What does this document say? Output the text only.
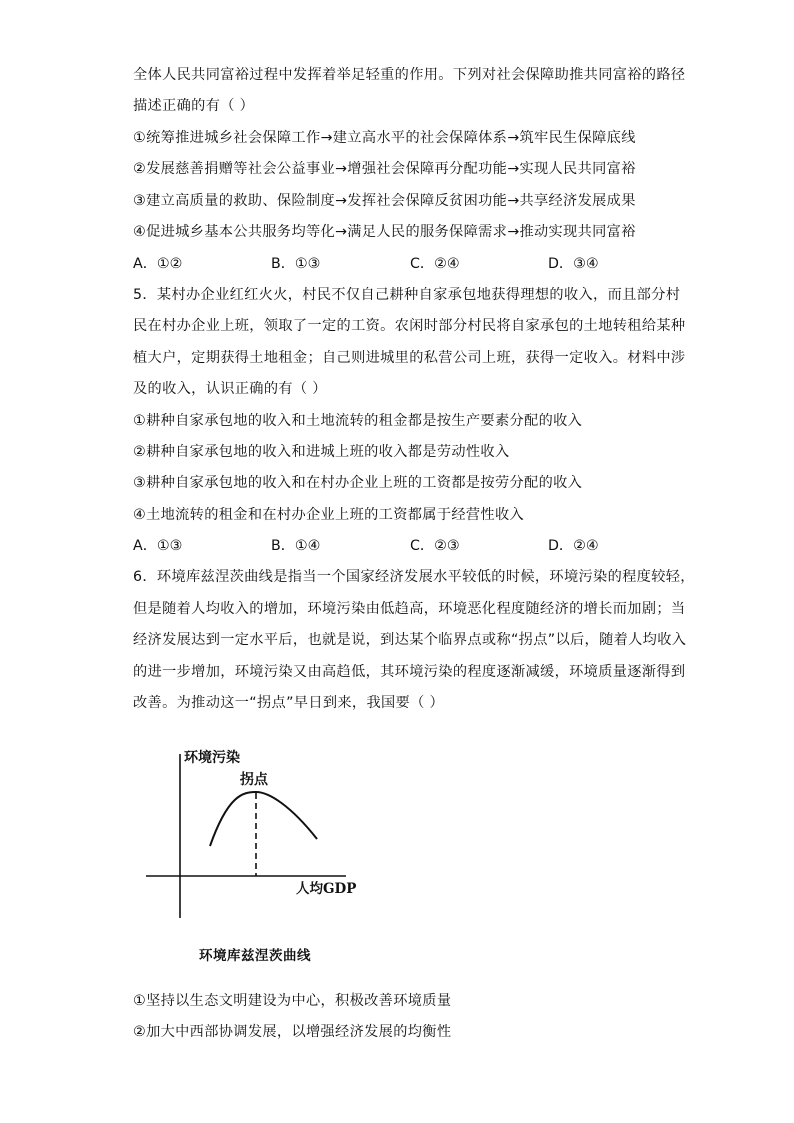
全体人民共同富裕过程中发挥着举足轻重的作用。下列对社会保障助推共同富裕的路径
描述正确的有（ ）
①统筹推进城乡社会保障工作→建立高水平的社会保障体系→筑牢民生保障底线
②发展慈善捐赠等社会公益事业→增强社会保障再分配功能→实现人民共同富裕
③建立高质量的救助、保险制度→发挥社会保障反贫困功能→共享经济发展成果
④促进城乡基本公共服务均等化→满足人民的服务保障需求→推动实现共同富裕
A．①②	B．①③	C．②④	D．③④
5．某村办企业红红火火，村民不仅自己耕种自家承包地获得理想的收入，而且部分村
民在村办企业上班，领取了一定的工资。农闲时部分村民将自家承包的土地转租给某种
植大户，定期获得土地租金；自己则进城里的私营公司上班，获得一定收入。材料中涉
及的收入，认识正确的有（ ）
①耕种自家承包地的收入和土地流转的租金都是按生产要素分配的收入
②耕种自家承包地的收入和进城上班的收入都是劳动性收入
③耕种自家承包地的收入和在村办企业上班的工资都是按劳分配的收入
④土地流转的租金和在村办企业上班的工资都属于经营性收入
A．①③	B．①④	C．②③	D．②④
6．环境库兹涅茨曲线是指当一个国家经济发展水平较低的时候，环境污染的程度较轻，
但是随着人均收入的增加，环境污染由低趋高，环境恶化程度随经济的增长而加剧；当
经济发展达到一定水平后，也就是说，到达某个临界点或称“拐点”以后，随着人均收入
的进一步增加，环境污染又由高趋低，其环境污染的程度逐渐减缓，环境质量逐渐得到
改善。为推动这一“拐点”早日到来，我国要（ ）
环境污染
拐点
人均GDP
环境库兹涅茨曲线
①坚持以生态文明建设为中心，积极改善环境质量
②加大中西部协调发展，以增强经济发展的均衡性
